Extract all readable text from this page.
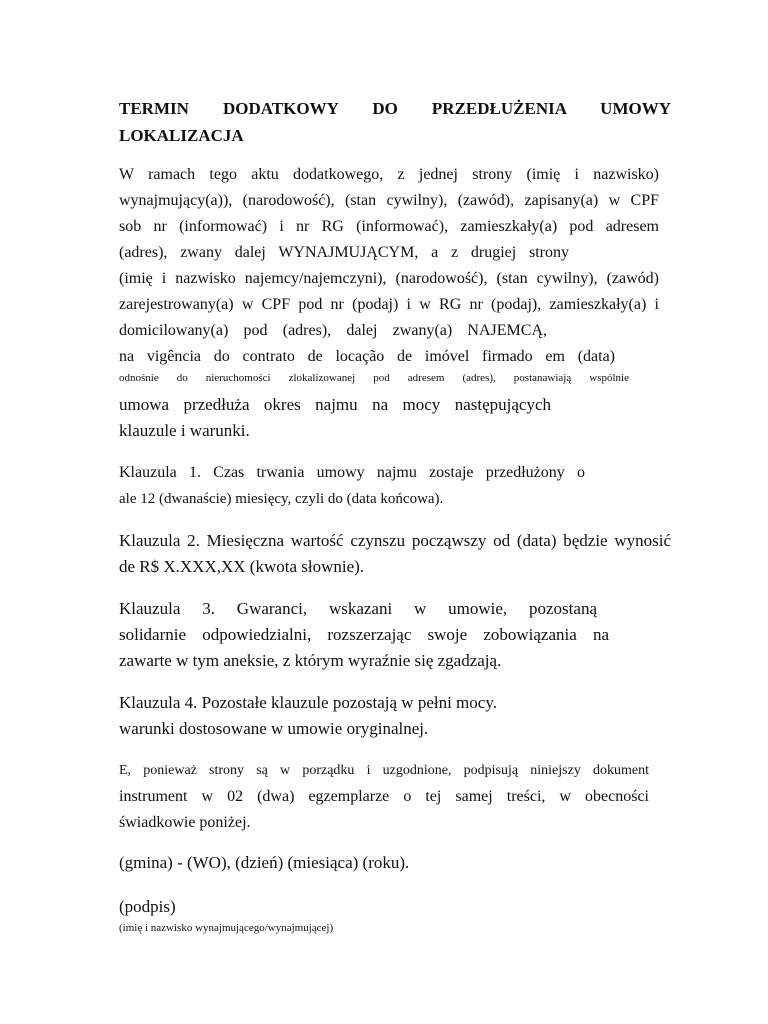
TERMIN DODATKOWY DO PRZEDŁUŻENIA UMOWY
LOKALIZACJA
W ramach tego aktu dodatkowego, z jednej strony (imię i nazwisko)
wynajmujący(a)), (narodowość), (stan cywilny), (zawód), zapisany(a) w CPF
sob nr (informować) i nr RG (informować), zamieszkały(a) pod adresem
(adres), zwany dalej WYNAJMUJĄCYM, a z drugiej strony
(imię i nazwisko najemcy/najemczyni), (narodowość), (stan cywilny), (zawód)
zarejestrowany(a) w CPF pod nr (podaj) i w RG nr (podaj), zamieszkały(a) i
domicilowany(a) pod (adres), dalej zwany(a) NAJEMCĄ,
na vigência do contrato de locação de imóvel firmado em (data)
odnośnie do nieruchomości zlokalizowanej pod adresem (adres), postanawiają wspólnie
umowa przedłuża okres najmu na mocy następujących
klauzule i warunki.
Klauzula 1. Czas trwania umowy najmu zostaje przedłużony o
ale 12 (dwanaście) miesięcy, czyli do (data końcowa).
Klauzula 2. Miesięczna wartość czynszu począwszy od (data) będzie wynosić
de R$ X.XXX,XX (kwota słownie).
Klauzula 3. Gwaranci, wskazani w umowie, pozostaną
solidarnie odpowiedzialni, rozszerzając swoje zobowiązania na
zawarte w tym aneksie, z którym wyraźnie się zgadzają.
Klauzula 4. Pozostałe klauzule pozostają w pełni mocy.
warunki dostosowane w umowie oryginalnej.
E, ponieważ strony są w porządku i uzgodnione, podpisują niniejszy dokument
instrument w 02 (dwa) egzemplarze o tej samej treści, w obecności
świadkowie poniżej.
(gmina) - (WO), (dzień) (miesiąca) (roku).
(podpis)
(imię i nazwisko wynajmującego/wynajmującej)
